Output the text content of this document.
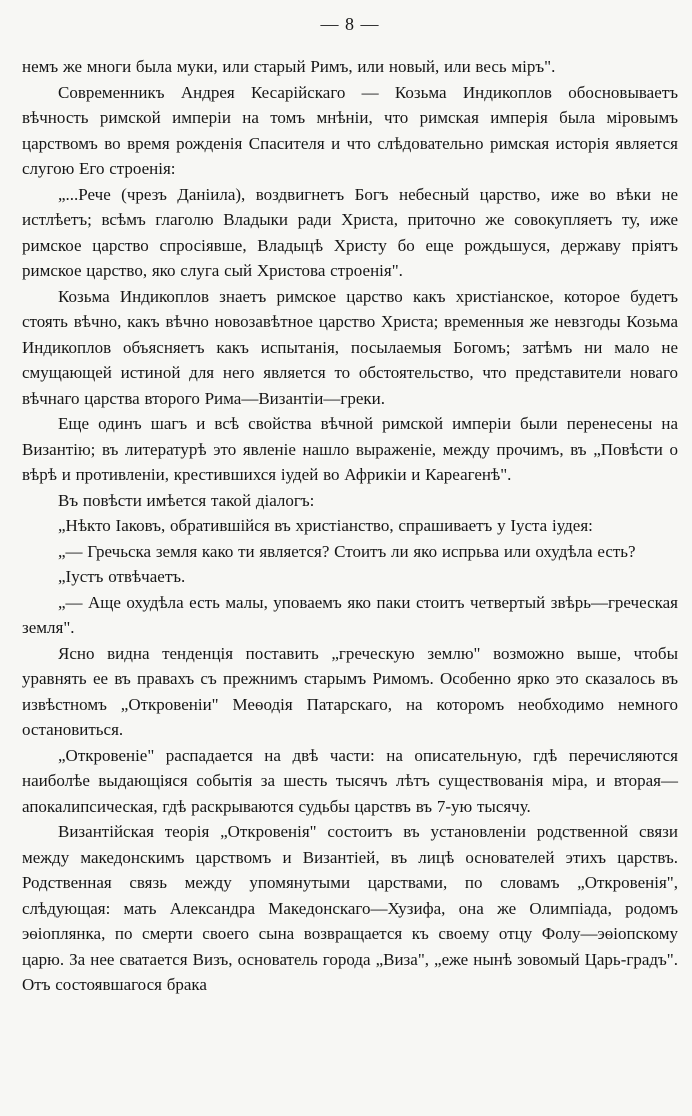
— 8 —

немъ же многи была муки, или старый Римъ, или новый, или весь міръ".

Современникъ Андрея Кесарійскаго — Козьма Индикоплов обосновываетъ вѣчность римской имперіи на томъ мнѣніи, что римская имперія была міровымъ царствомъ во время рожденія Спасителя и что слѣдовательно римская исторія является слугою Его строенія:

„...Рече (чрезъ Даніила), воздвигнетъ Богъ небесный царство, иже во вѣки не истлѣетъ; всѣмъ глаголю Владыки ради Христа, приточно же совокупляетъ ту, иже римское царство спросіявше, Владыцѣ Христу бо еще рождьшуся, державу пріятъ римское царство, яко слуга сый Христова строенія".

Козьма Индикоплов знаетъ римское царство какъ христіанское, которое будетъ стоять вѣчно, какъ вѣчно новозавѣтное царство Христа; временныя же невзгоды Козьма Индикоплов объясняетъ какъ испытанія, посылаемыя Богомъ; затѣмъ ни мало не смущающей истиной для него является то обстоятельство, что представители новаго вѣчнаго царства второго Рима—Византіи—греки.

Еще одинъ шагъ и всѣ свойства вѣчной римской имперіи были перенесены на Византію; въ литературѣ это явленіе нашло выраженіе, между прочимъ, въ „Повѣсти о вѣрѣ и противленіи, крестившихся іудей во Африкіи и Кареагенѣ".

Въ повѣсти имѣется такой діалогъ:

„Нѣкто Іаковъ, обратившійся въ христіанство, спрашиваетъ у Іуста іудея:

„— Гречьска земля како ти является? Стоитъ ли яко испрьва или охудѣла есть?

„Іустъ отвѣчаетъ.

„— Аще охудѣла есть малы, уповаемъ яко паки стоитъ четвертый звѣрь—греческая земля".

Ясно видна тенденція поставить „греческую землю" возможно выше, чтобы уравнять ее въ правахъ съ прежнимъ старымъ Римомъ. Особенно ярко это сказалось въ извѣстномъ „Откровеніи" Меѳодія Патарскаго, на которомъ необходимо немного остановиться.

„Откровеніе" распадается на двѣ части: на описательную, гдѣ перечисляются наиболѣе выдающіяся событія за шесть тысячъ лѣтъ существованія міра, и вторая—апокалипсическая, гдѣ раскрываются судьбы царствъ въ 7-ую тысячу.

Византійская теорія „Откровенія" состоитъ въ установленіи родственной связи между македонскимъ царствомъ и Византіей, въ лицѣ основателей этихъ царствъ. Родственная связь между упомянутыми царствами, по словамъ „Откровенія", слѣдующая: мать Александра Македонскаго—Хузифа, она же Олимпіада, родомъ эѳіоплянка, по смерти своего сына возвращается къ своему отцу Фолу—эѳіопскому царю. За нее сватается Визъ, основатель города „Виза", „еже нынѣ зовомый Царь-градъ". Отъ состоявшагося брака
